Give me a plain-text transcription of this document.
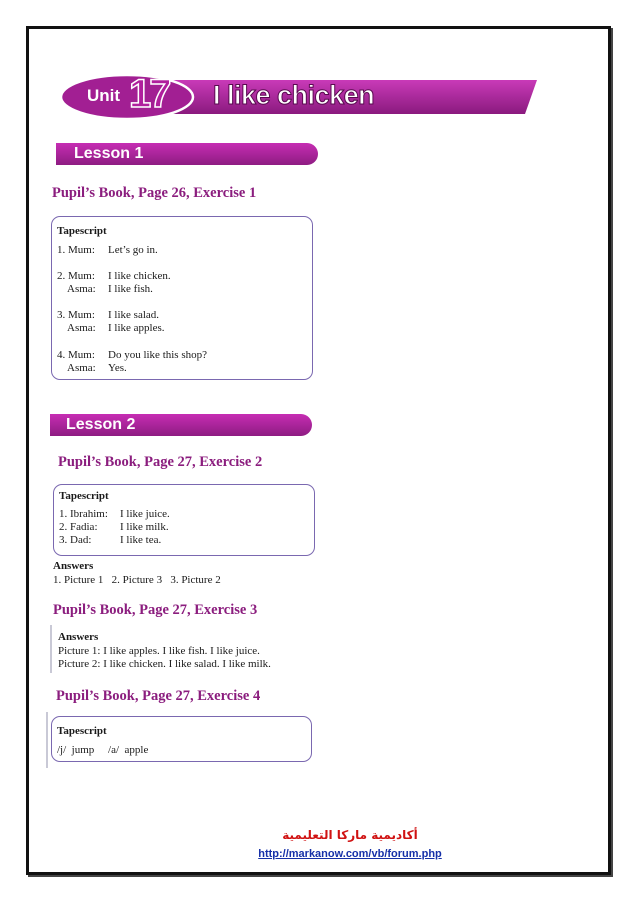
Unit 17 I like chicken
Lesson 1
Pupil’s Book, Page 26, Exercise 1
Tapescript
1. Mum: Let’s go in.
2. Mum: I like chicken.
Asma: I like fish.
3. Mum: I like salad.
Asma: I like apples.
4. Mum: Do you like this shop?
Asma: Yes.
Lesson 2
Pupil’s Book, Page 27, Exercise 2
Tapescript
1. Ibrahim: I like juice.
2. Fadia: I like milk.
3. Dad:	I like tea.
Answers
1. Picture 1   2. Picture 3   3. Picture 2
Pupil’s Book, Page 27, Exercise 3
Answers
Picture 1: I like apples. I like fish. I like juice.
Picture 2: I like chicken. I like salad. I like milk.
Pupil’s Book, Page 27, Exercise 4
Tapescript
/j/  jump     /a/  apple
أكاديمية ماركا التعليمية
http://markanow.com/vb/forum.php
